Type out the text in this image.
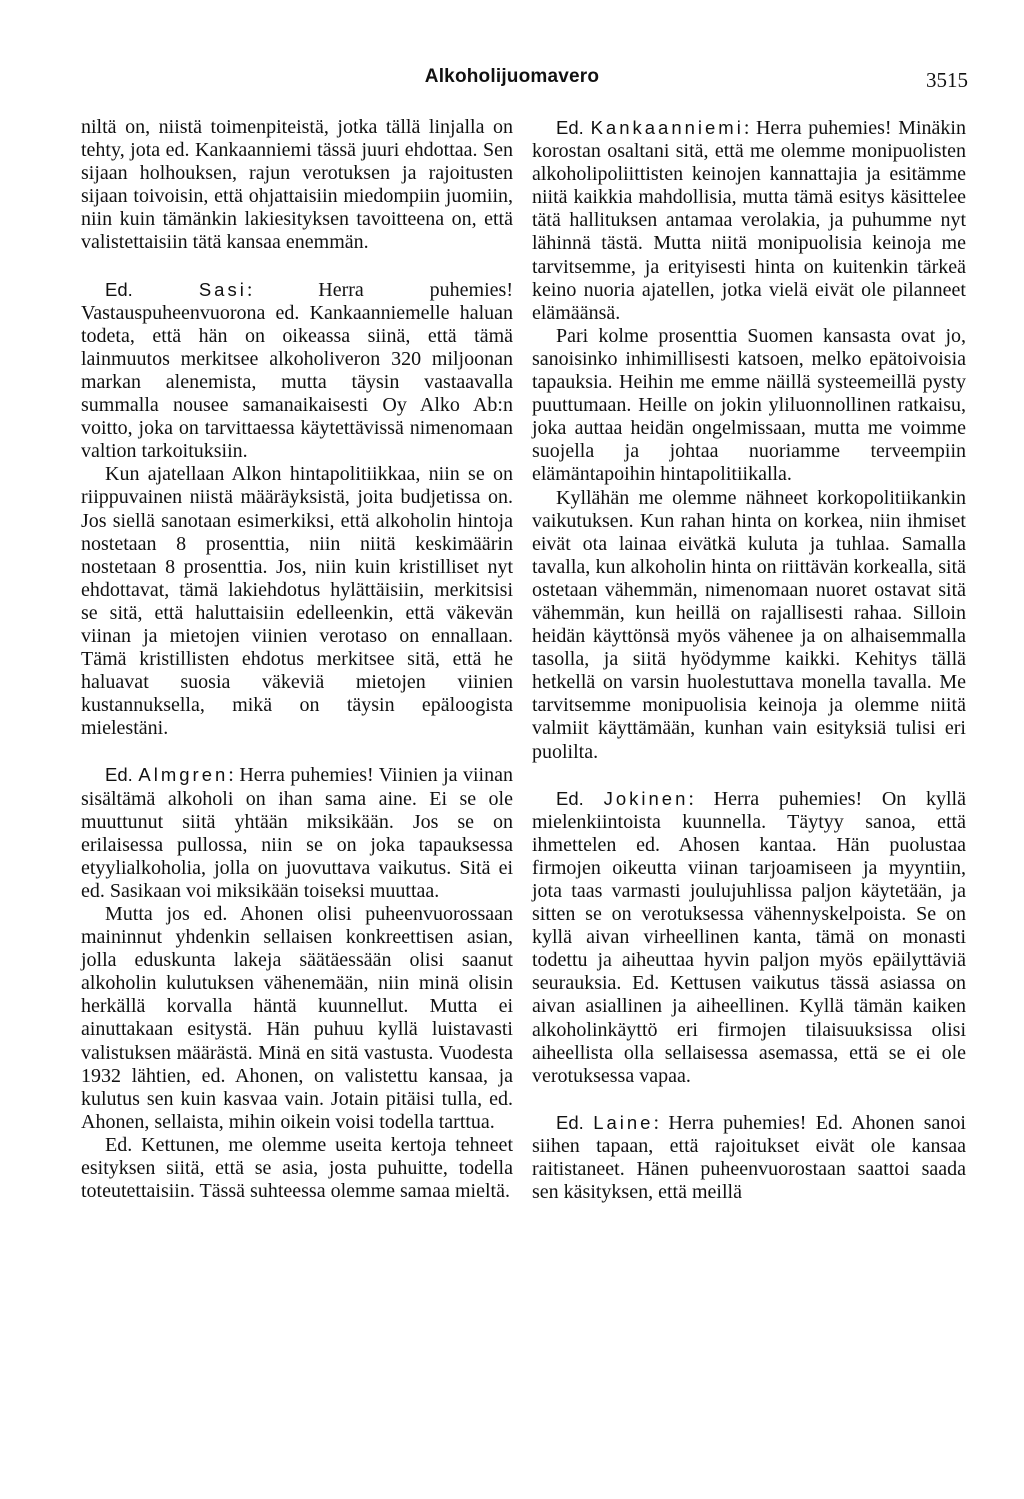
Alkoholijuomavero	3515

niltä on, niistä toimenpiteistä, jotka tällä linjalla on tehty, jota ed. Kankaanniemi tässä juuri ehdottaa. Sen sijaan holhouksen, rajun verotuksen ja rajoitusten sijaan toivoisin, että ohjattaisiin miedompiin juomiin, niin kuin tämänkin lakiesityksen tavoitteena on, että valistettaisiin tätä kansaa enemmän.

Ed. Sasi: Herra puhemies! Vastauspuheenvuorona ed. Kankaanniemelle haluan todeta, että hän on oikeassa siinä, että tämä lainmuutos merkitsee alkoholiveron 320 miljoonan markan alenemista, mutta täysin vastaavalla summalla nousee samanaikaisesti Oy Alko Ab:n voitto, joka on tarvittaessa käytettävissä nimenomaan valtion tarkoituksiin.

Kun ajatellaan Alkon hintapolitiikkaa, niin se on riippuvainen niistä määräyksistä, joita budjetissa on. Jos siellä sanotaan esimerkiksi, että alkoholin hintoja nostetaan 8 prosenttia, niin niitä keskimäärin nostetaan 8 prosenttia. Jos, niin kuin kristilliset nyt ehdottavat, tämä lakiehdotus hylättäisiin, merkitsisi se sitä, että haluttaisiin edelleenkin, että väkevän viinan ja mietojen viinien verotaso on ennallaan. Tämä kristillisten ehdotus merkitsee sitä, että he haluavat suosia väkeviä mietojen viinien kustannuksella, mikä on täysin epäloogista mielestäni.

Ed. Almgren: Herra puhemies! Viinien ja viinan sisältämä alkoholi on ihan sama aine. Ei se ole muuttunut siitä yhtään miksikään. Jos se on erilaisessa pullossa, niin se on joka tapauksessa etyylialkoholia, jolla on juovuttava vaikutus. Sitä ei ed. Sasikaan voi miksikään toiseksi muuttaa.

Mutta jos ed. Ahonen olisi puheenvuorossaan maininnut yhdenkin sellaisen konkreettisen asian, jolla eduskunta lakeja säätäessään olisi saanut alkoholin kulutuksen vähenemään, niin minä olisin herkällä korvalla häntä kuunnellut. Mutta ei ainuttakaan esitystä. Hän puhuu kyllä luistavasti valistuksen määrästä. Minä en sitä vastusta. Vuodesta 1932 lähtien, ed. Ahonen, on valistettu kansaa, ja kulutus sen kuin kasvaa vain. Jotain pitäisi tulla, ed. Ahonen, sellaista, mihin oikein voisi todella tarttua.

Ed. Kettunen, me olemme useita kertoja tehneet esityksen siitä, että se asia, josta puhuitte, todella toteutettaisiin. Tässä suhteessa olemme samaa mieltä.

Ed. Kankaanniemi: Herra puhemies! Minäkin korostan osaltani sitä, että me olemme monipuolisten alkoholipoliittisten keinojen kannattajia ja esitämme niitä kaikkia mahdollisia, mutta tämä esitys käsittelee tätä hallituksen antamaa verolakia, ja puhumme nyt lähinnä tästä. Mutta niitä monipuolisia keinoja me tarvitsemme, ja erityisesti hinta on kuitenkin tärkeä keino nuoria ajatellen, jotka vielä eivät ole pilanneet elämäänsä.

Pari kolme prosenttia Suomen kansasta ovat jo, sanoisinko inhimillisesti katsoen, melko epätoivoisia tapauksia. Heihin me emme näillä systeemeillä pysty puuttumaan. Heille on jokin yliluonnollinen ratkaisu, joka auttaa heidän ongelmissaan, mutta me voimme suojella ja johtaa nuoriamme terveempiin elämäntapoihin hintapolitiikalla.

Kyllähän me olemme nähneet korkopolitiikankin vaikutuksen. Kun rahan hinta on korkea, niin ihmiset eivät ota lainaa eivätkä kuluta ja tuhlaa. Samalla tavalla, kun alkoholin hinta on riittävän korkealla, sitä ostetaan vähemmän, nimenomaan nuoret ostavat sitä vähemmän, kun heillä on rajallisesti rahaa. Silloin heidän käyttönsä myös vähenee ja on alhaisemmalla tasolla, ja siitä hyödymme kaikki. Kehitys tällä hetkellä on varsin huolestuttava monella tavalla. Me tarvitsemme monipuolisia keinoja ja olemme niitä valmiit käyttämään, kunhan vain esityksiä tulisi eri puolilta.

Ed. Jokinen: Herra puhemies! On kyllä mielenkiintoista kuunnella. Täytyy sanoa, että ihmettelen ed. Ahosen kantaa. Hän puolustaa firmojen oikeutta viinan tarjoamiseen ja myyntiin, jota taas varmasti joulujuhlissa paljon käytetään, ja sitten se on verotuksessa vähennyskelpoista. Se on kyllä aivan virheellinen kanta, tämä on monasti todettu ja aiheuttaa hyvin paljon myös epäilyttäviä seurauksia. Ed. Kettusen vaikutus tässä asiassa on aivan asiallinen ja aiheellinen. Kyllä tämän kaiken alkoholinkäyttö eri firmojen tilaisuuksissa olisi aiheellista olla sellaisessa asemassa, että se ei ole verotuksessa vapaa.

Ed. Laine: Herra puhemies! Ed. Ahonen sanoi siihen tapaan, että rajoitukset eivät ole kansaa raitistaneet. Hänen puheenvuorostaan saattoi saada sen käsityksen, että meillä
